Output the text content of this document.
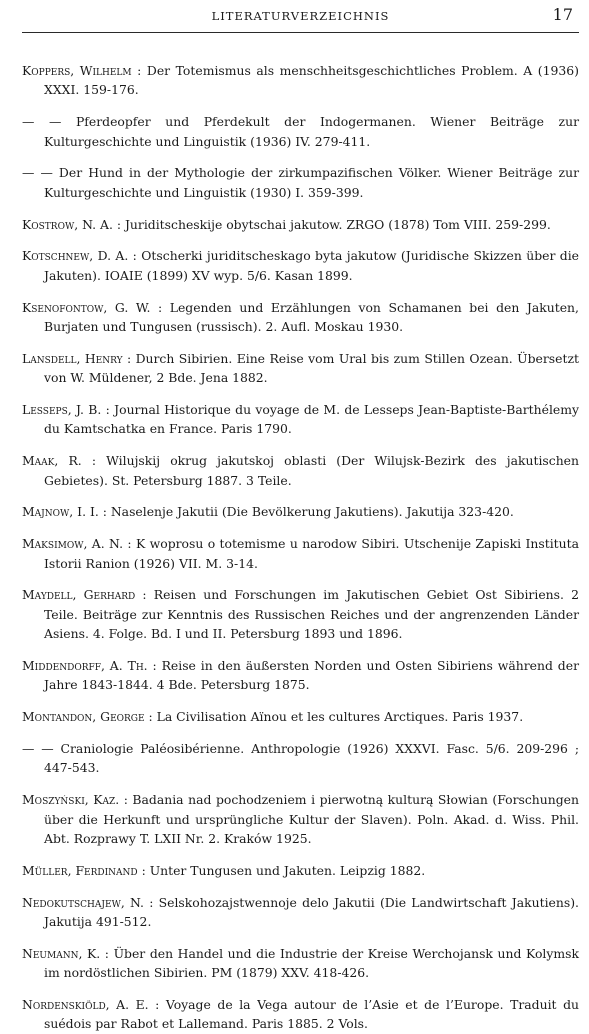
LITERATURVERZEICHNIS	17

Koppers, Wilhelm : Der Totemismus als menschheitsgeschichtliches Problem. A (1936) XXXI. 159-176.

— — Pferdeopfer und Pferdekult der Indogermanen. Wiener Beiträge zur Kulturgeschichte und Linguistik (1936) IV. 279-411.

— — Der Hund in der Mythologie der zirkumpazifischen Völker. Wiener Beiträge zur Kulturgeschichte und Linguistik (1930) I. 359-399.

Kostrow, N. A. : Juriditscheskije obytschai jakutow. ZRGO (1878) Tom VIII. 259-299.

Kotschnew, D. A. : Otscherki juriditscheskago byta jakutow (Juridische Skizzen über die Jakuten). IOAIE (1899) XV wyp. 5/6. Kasan 1899.

Ksenofontow, G. W. : Legenden und Erzählungen von Schamanen bei den Jakuten, Burjaten und Tungusen (russisch). 2. Aufl. Moskau 1930.

Lansdell, Henry : Durch Sibirien. Eine Reise vom Ural bis zum Stillen Ozean. Übersetzt von W. Müldener, 2 Bde. Jena 1882.

Lesseps, J. B. : Journal Historique du voyage de M. de Lesseps Jean-Baptiste-Barthélemy du Kamtschatka en France. Paris 1790.

Maak, R. : Wilujskij okrug jakutskoj oblasti (Der Wilujsk-Bezirk des jakutischen Gebietes). St. Petersburg 1887. 3 Teile.

Majnow, I. I. : Naselenje Jakutii (Die Bevölkerung Jakutiens). Jakutija 323-420.

Maksimow, A. N. : K woprosu o totemisme u narodow Sibiri. Utschenije Zapiski Instituta Istorii Ranion (1926) VII. M. 3-14.

Maydell, Gerhard : Reisen und Forschungen im Jakutischen Gebiet Ost Sibiriens. 2 Teile. Beiträge zur Kenntnis des Russischen Reiches und der angrenzenden Länder Asiens. 4. Folge. Bd. I und II. Petersburg 1893 und 1896.

Middendorff, A. Th. : Reise in den äußersten Norden und Osten Sibiriens während der Jahre 1843-1844. 4 Bde. Petersburg 1875.

Montandon, George : La Civilisation Aïnou et les cultures Arctiques. Paris 1937.

— — Craniologie Paléosibérienne. Anthropologie (1926) XXXVI. Fasc. 5/6. 209-296 ; 447-543.

Moszyński, Kaz. : Badania nad pochodzeniem i pierwotną kulturą Słowian (Forschungen über die Herkunft und ursprüngliche Kultur der Slaven). Poln. Akad. d. Wiss. Phil. Abt. Rozprawy T. LXII Nr. 2. Kraków 1925.

Müller, Ferdinand : Unter Tungusen und Jakuten. Leipzig 1882.

Nedokutschajew, N. : Selskohozajstwennoje delo Jakutii (Die Landwirtschaft Jakutiens). Jakutija 491-512.

Neumann, K. : Über den Handel und die Industrie der Kreise Werchojansk und Kolymsk im nordöstlichen Sibirien. PM (1879) XXV. 418-426.

Nordenskiöld, A. E. : Voyage de la Vega autour de l’Asie et de l’Europe. Traduit du suédois par Rabot et Lallemand. Paris 1885. 2 Vols.
